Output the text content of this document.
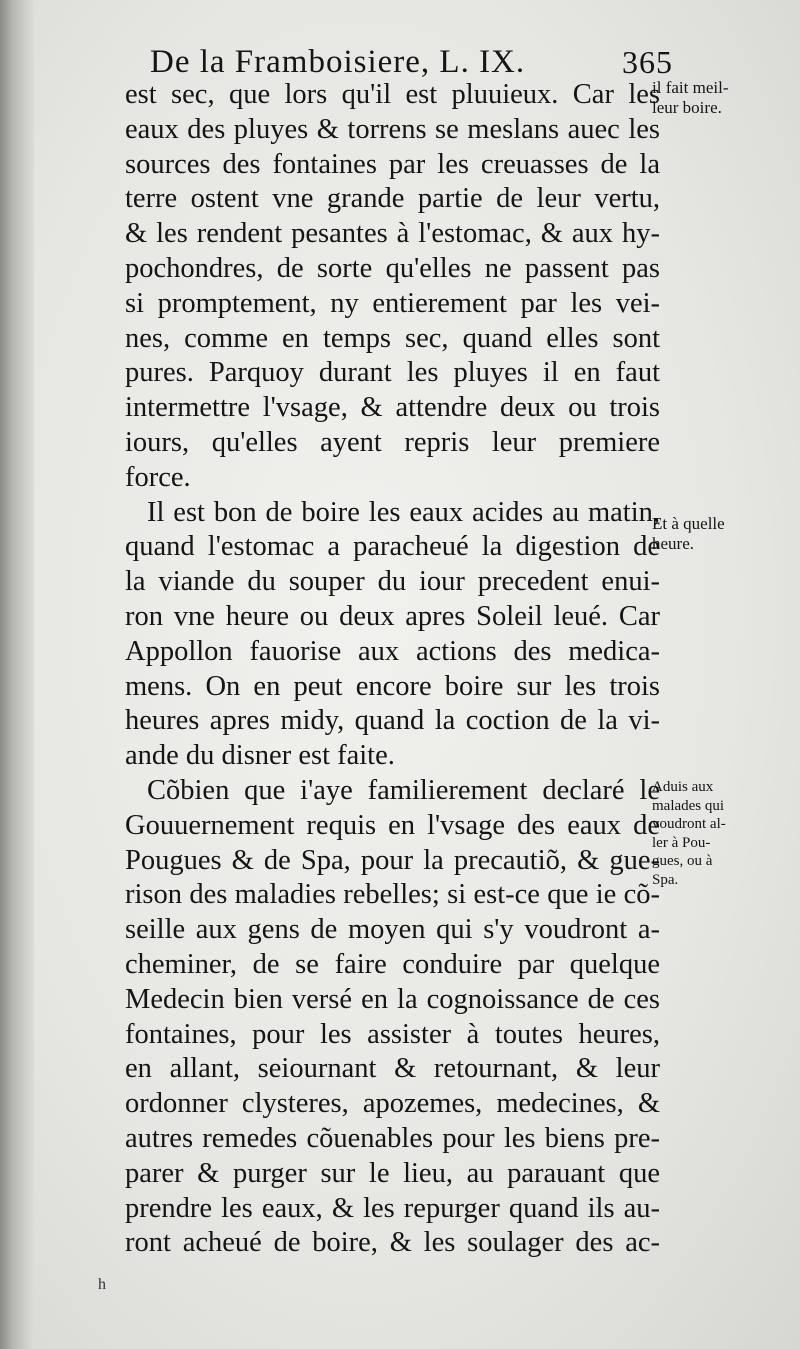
De la Framboisiere, L. IX.	365
est sec, que lors qu'il est pluuieux. Car les
eaux des pluyes & torrens se meslans auec les
sources des fontaines par les creuasses de la
terre ostent vne grande partie de leur vertu,
& les rendent pesantes à l'estomac, & aux hy-
pochondres, de sorte qu'elles ne passent pas
si promptement, ny entierement par les vei-
nes, comme en temps sec, quand elles sont
pures. Parquoy durant les pluyes il en faut
intermettre l'vsage, & attendre deux ou trois
iours, qu'elles ayent repris leur premiere
force.
Il est bon de boire les eaux acides au matin,
quand l'estomac a paracheué la digestion de
la viande du souper du iour precedent enui-
ron vne heure ou deux apres Soleil leué. Car
Appollon fauorise aux actions des medica-
mens. On en peut encore boire sur les trois
heures apres midy, quand la coction de la vi-
ande du disner est faite.
Cõbien que i'aye familierement declaré le
Gouuernement requis en l'vsage des eaux de
Pougues & de Spa, pour la precautiõ, & gue-
rison des maladies rebelles; si est-ce que ie cõ-
seille aux gens de moyen qui s'y voudront a-
cheminer, de se faire conduire par quelque
Medecin bien versé en la cognoissance de ces
fontaines, pour les assister à toutes heures,
en allant, seiournant & retournant, & leur
ordonner clysteres, apozemes, medecines, &
autres remedes cõuenables pour les biens pre-
parer & purger sur le lieu, au parauant que
prendre les eaux, & les repurger quand ils au-
ront acheué de boire, & les soulager des ac-
il fait meil-
leur boire.
Et à quelle
heure.
Aduis aux
malades qui
voudront al-
ler à Pou-
gues, ou à
Spa.
h
